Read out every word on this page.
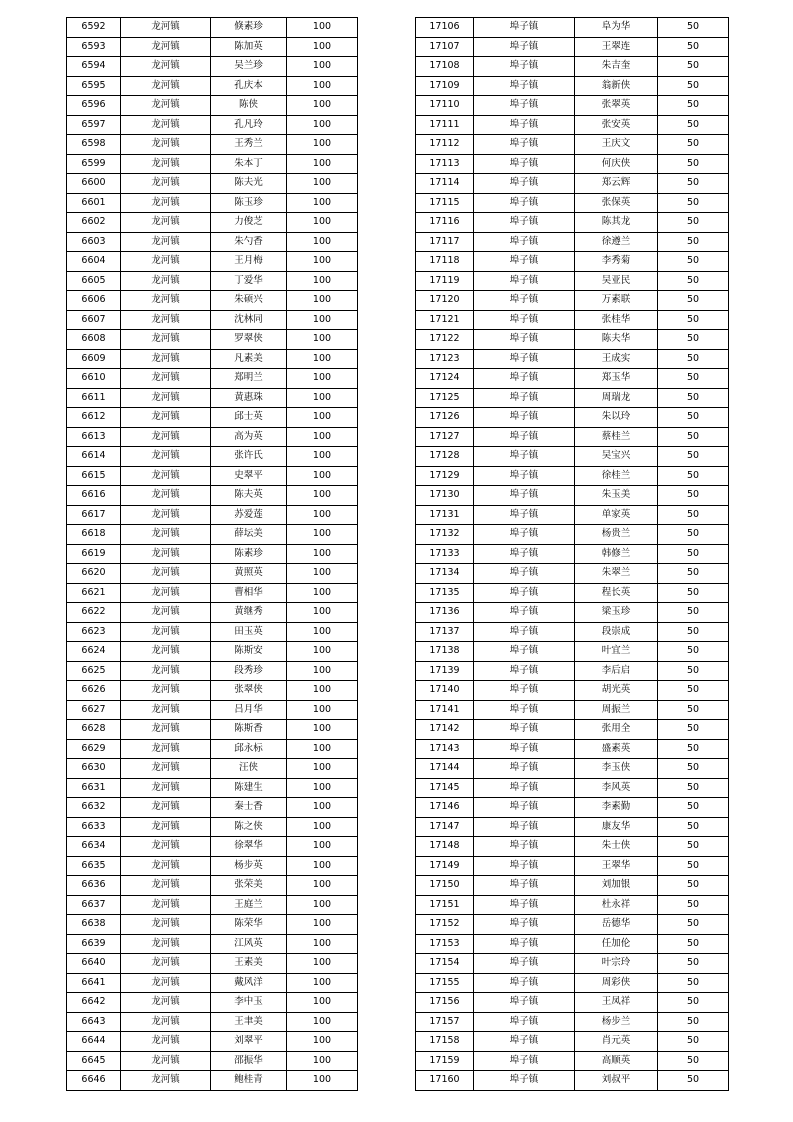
6592	龙河镇	倏素珍	100
6593	龙河镇	陈加英	100
6594	龙河镇	吴兰珍	100
6595	龙河镇	孔庆本	100
6596	龙河镇	陈侠	100
6597	龙河镇	孔凡玲	100
6598	龙河镇	王秀兰	100
6599	龙河镇	朱本丁	100
6600	龙河镇	陈夫光	100
6601	龙河镇	陈玉珍	100
6602	龙河镇	力俊芝	100
6603	龙河镇	朱勺香	100
6604	龙河镇	王月梅	100
6605	龙河镇	丁爱华	100
6606	龙河镇	朱硕兴	100
6607	龙河镇	沈林同	100
6608	龙河镇	罗翠侠	100
6609	龙河镇	凡素美	100
6610	龙河镇	郑明兰	100
6611	龙河镇	黄惠珠	100
6612	龙河镇	邱士英	100
6613	龙河镇	高为英	100
6614	龙河镇	张许氏	100
6615	龙河镇	史翠平	100
6616	龙河镇	陈夫英	100
6617	龙河镇	苏爱莲	100
6618	龙河镇	薛坛美	100
6619	龙河镇	陈素珍	100
6620	龙河镇	黄照英	100
6621	龙河镇	曹相华	100
6622	龙河镇	黄继秀	100
6623	龙河镇	田玉英	100
6624	龙河镇	陈斯安	100
6625	龙河镇	段秀珍	100
6626	龙河镇	张翠侠	100
6627	龙河镇	吕月华	100
6628	龙河镇	陈斯香	100
6629	龙河镇	邱永标	100
6630	龙河镇	汪侠	100
6631	龙河镇	陈建生	100
6632	龙河镇	秦士香	100
6633	龙河镇	陈之侠	100
6634	龙河镇	徐翠华	100
6635	龙河镇	杨步英	100
6636	龙河镇	张荣美	100
6637	龙河镇	王庭兰	100
6638	龙河镇	陈荣华	100
6639	龙河镇	江风英	100
6640	龙河镇	王素美	100
6641	龙河镇	戴风洋	100
6642	龙河镇	李中玉	100
6643	龙河镇	王聿美	100
6644	龙河镇	刘翠平	100
6645	龙河镇	邵振华	100
6646	龙河镇	鲍桂青	100
17106	埠子镇	阜为华	50
17107	埠子镇	王翠连	50
17108	埠子镇	朱吉奎	50
17109	埠子镇	翁新侠	50
17110	埠子镇	张翠英	50
17111	埠子镇	张安英	50
17112	埠子镇	王庆文	50
17113	埠子镇	何庆侠	50
17114	埠子镇	郑云辉	50
17115	埠子镇	张保英	50
17116	埠子镇	陈其龙	50
17117	埠子镇	徐遵兰	50
17118	埠子镇	李秀菊	50
17119	埠子镇	吴亚民	50
17120	埠子镇	万素联	50
17121	埠子镇	张桂华	50
17122	埠子镇	陈夫华	50
17123	埠子镇	王成实	50
17124	埠子镇	郑玉华	50
17125	埠子镇	周瑞龙	50
17126	埠子镇	朱以玲	50
17127	埠子镇	蔡桂兰	50
17128	埠子镇	吴宝兴	50
17129	埠子镇	徐桂兰	50
17130	埠子镇	朱玉美	50
17131	埠子镇	单家英	50
17132	埠子镇	杨贵兰	50
17133	埠子镇	韩修兰	50
17134	埠子镇	朱翠兰	50
17135	埠子镇	程长英	50
17136	埠子镇	梁玉珍	50
17137	埠子镇	段崇成	50
17138	埠子镇	叶宜兰	50
17139	埠子镇	李后启	50
17140	埠子镇	胡光英	50
17141	埠子镇	周振兰	50
17142	埠子镇	张用全	50
17143	埠子镇	盛素英	50
17144	埠子镇	李玉侠	50
17145	埠子镇	李风英	50
17146	埠子镇	李素勤	50
17147	埠子镇	康友华	50
17148	埠子镇	朱士侠	50
17149	埠子镇	王翠华	50
17150	埠子镇	刘加银	50
17151	埠子镇	杜永祥	50
17152	埠子镇	岳德华	50
17153	埠子镇	任加伦	50
17154	埠子镇	叶宗玲	50
17155	埠子镇	周彩侠	50
17156	埠子镇	王凤祥	50
17157	埠子镇	杨步兰	50
17158	埠子镇	肖元英	50
17159	埠子镇	高顺英	50
17160	埠子镇	刘叔平	50
